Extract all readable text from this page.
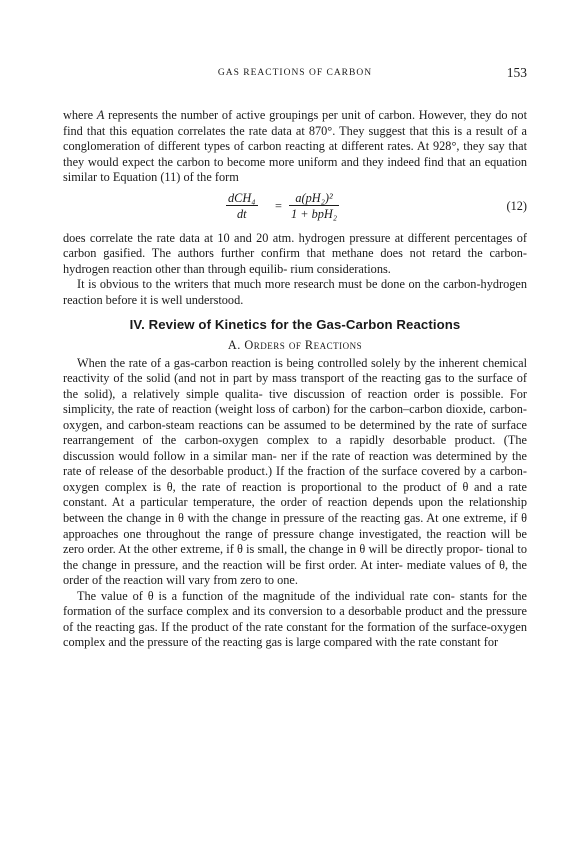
GAS REACTIONS OF CARBON	153

where A represents the number of active groupings per unit of carbon. However, they do not find that this equation correlates the rate data at 870°. They suggest that this is a result of a conglomeration of different types of carbon reacting at different rates. At 928°, they say that they would expect the carbon to become more uniform and they indeed find that an equation similar to Equation (11) of the form

dCH₄
dt
=
a(pH₂)²
1 + bpH₂
(12)

does correlate the rate data at 10 and 20 atm. hydrogen pressure at different percentages of carbon gasified. The authors further confirm that methane does not retard the carbon-hydrogen reaction other than through equilib- rium considerations.

It is obvious to the writers that much more research must be done on the carbon-hydrogen reaction before it is well understood.

IV. Review of Kinetics for the Gas-Carbon Reactions
A. Orders of Reactions

When the rate of a gas-carbon reaction is being controlled solely by the inherent chemical reactivity of the solid (and not in part by mass transport of the reacting gas to the surface of the solid), a relatively simple qualita- tive discussion of reaction order is possible. For simplicity, the rate of reaction (weight loss of carbon) for the carbon–carbon dioxide, carbon- oxygen, and carbon-steam reactions can be assumed to be determined by the rate of surface rearrangement of the carbon-oxygen complex to a rapidly desorbable product. (The discussion would follow in a similar man- ner if the rate of reaction was determined by the rate of release of the desorbable product.) If the fraction of the surface covered by a carbon- oxygen complex is θ, the rate of reaction is proportional to the product of θ and a rate constant. At a particular temperature, the order of reaction depends upon the relationship between the change in θ with the change in pressure of the reacting gas. At one extreme, if θ approaches one throughout the range of pressure change investigated, the reaction will be zero order. At the other extreme, if θ is small, the change in θ will be directly propor- tional to the change in pressure, and the reaction will be first order. At inter- mediate values of θ, the order of the reaction will vary from zero to one.

The value of θ is a function of the magnitude of the individual rate con- stants for the formation of the surface complex and its conversion to a desorbable product and the pressure of the reacting gas. If the product of the rate constant for the formation of the surface-oxygen complex and the pressure of the reacting gas is large compared with the rate constant for
